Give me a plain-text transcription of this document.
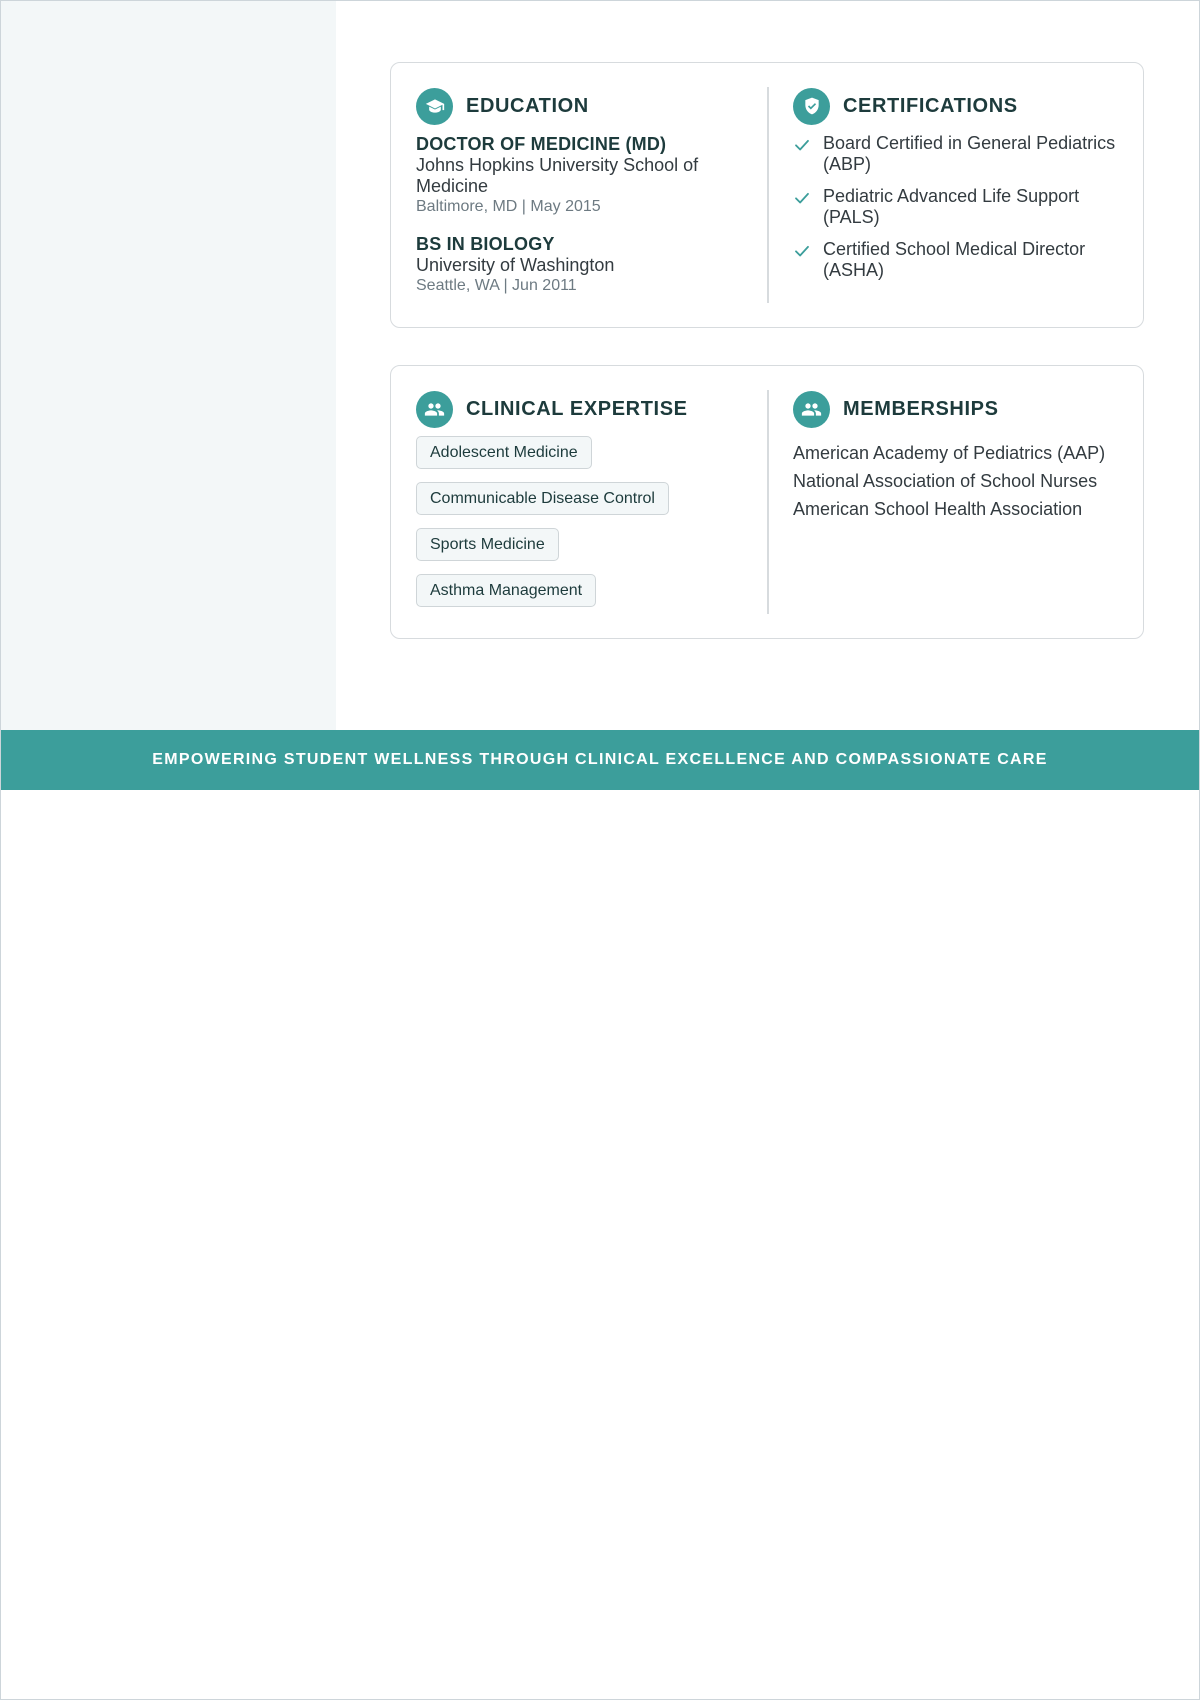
EDUCATION
DOCTOR OF MEDICINE (MD)
Johns Hopkins University School of Medicine
Baltimore, MD | May 2015
BS IN BIOLOGY
University of Washington
Seattle, WA | Jun 2011
CERTIFICATIONS
Board Certified in General Pediatrics (ABP)
Pediatric Advanced Life Support (PALS)
Certified School Medical Director (ASHA)
CLINICAL EXPERTISE
Adolescent Medicine
Communicable Disease Control
Sports Medicine
Asthma Management
MEMBERSHIPS
American Academy of Pediatrics (AAP)
National Association of School Nurses
American School Health Association
EMPOWERING STUDENT WELLNESS THROUGH CLINICAL EXCELLENCE AND COMPASSIONATE CARE
